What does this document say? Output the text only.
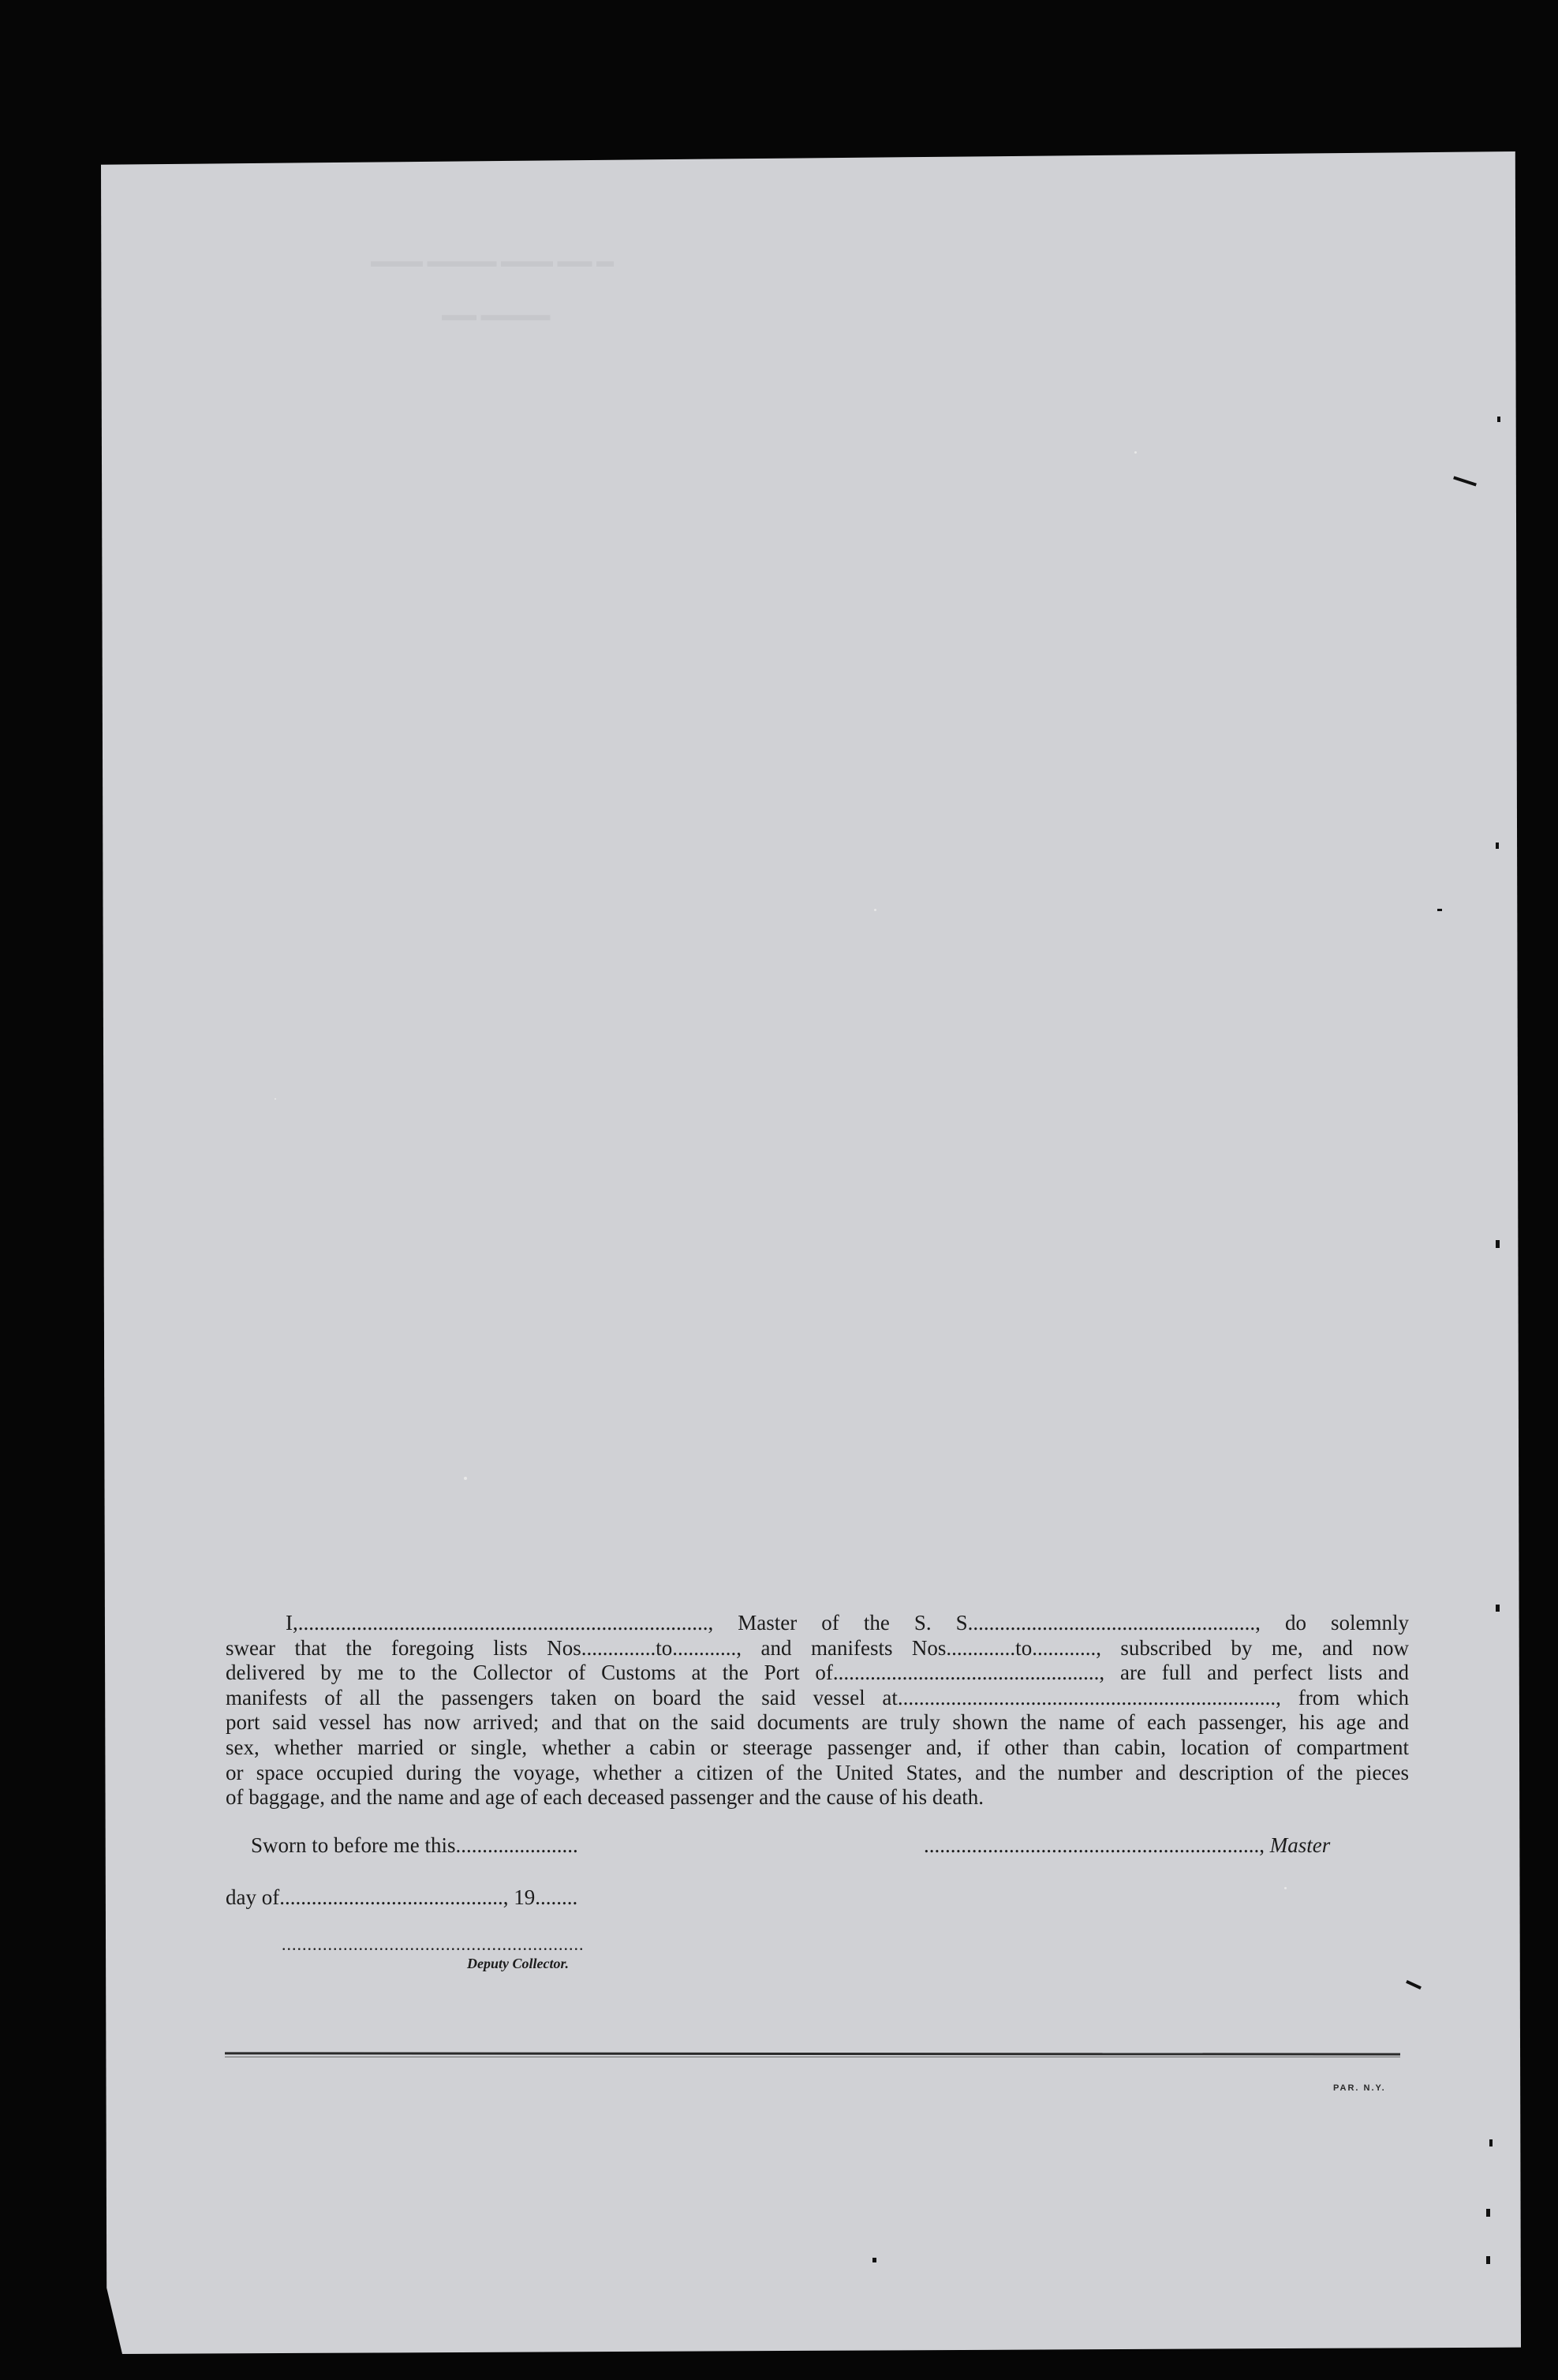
▬ ▬▬ ▬▬▬ ▬▬▬▬ ▬▬▬
▬▬▬▬ ▬▬
I,............................................................................., Master of the S. S......................................................, do solemnly
swear that the foregoing lists Nos..............to............, and manifests Nos.............to............, subscribed by me, and now
delivered by me to the Collector of Customs at the Port of.................................................., are full and perfect lists and
manifests of all the passengers taken on board the said vessel at......................................................................., from which
port said vessel has now arrived; and that on the said documents are truly shown the name of each passenger, his age and
sex, whether married or single, whether a cabin or steerage passenger and, if other than cabin, location of compartment
or space occupied during the voyage, whether a citizen of the United States, and the number and description of the pieces
of baggage, and the name and age of each deceased passenger and the cause of his death.
Sworn to before me this.......................	..............................................................., Master
day of.........................................., 19........
...........................................................
Deputy Collector.
PAR. N.Y.
